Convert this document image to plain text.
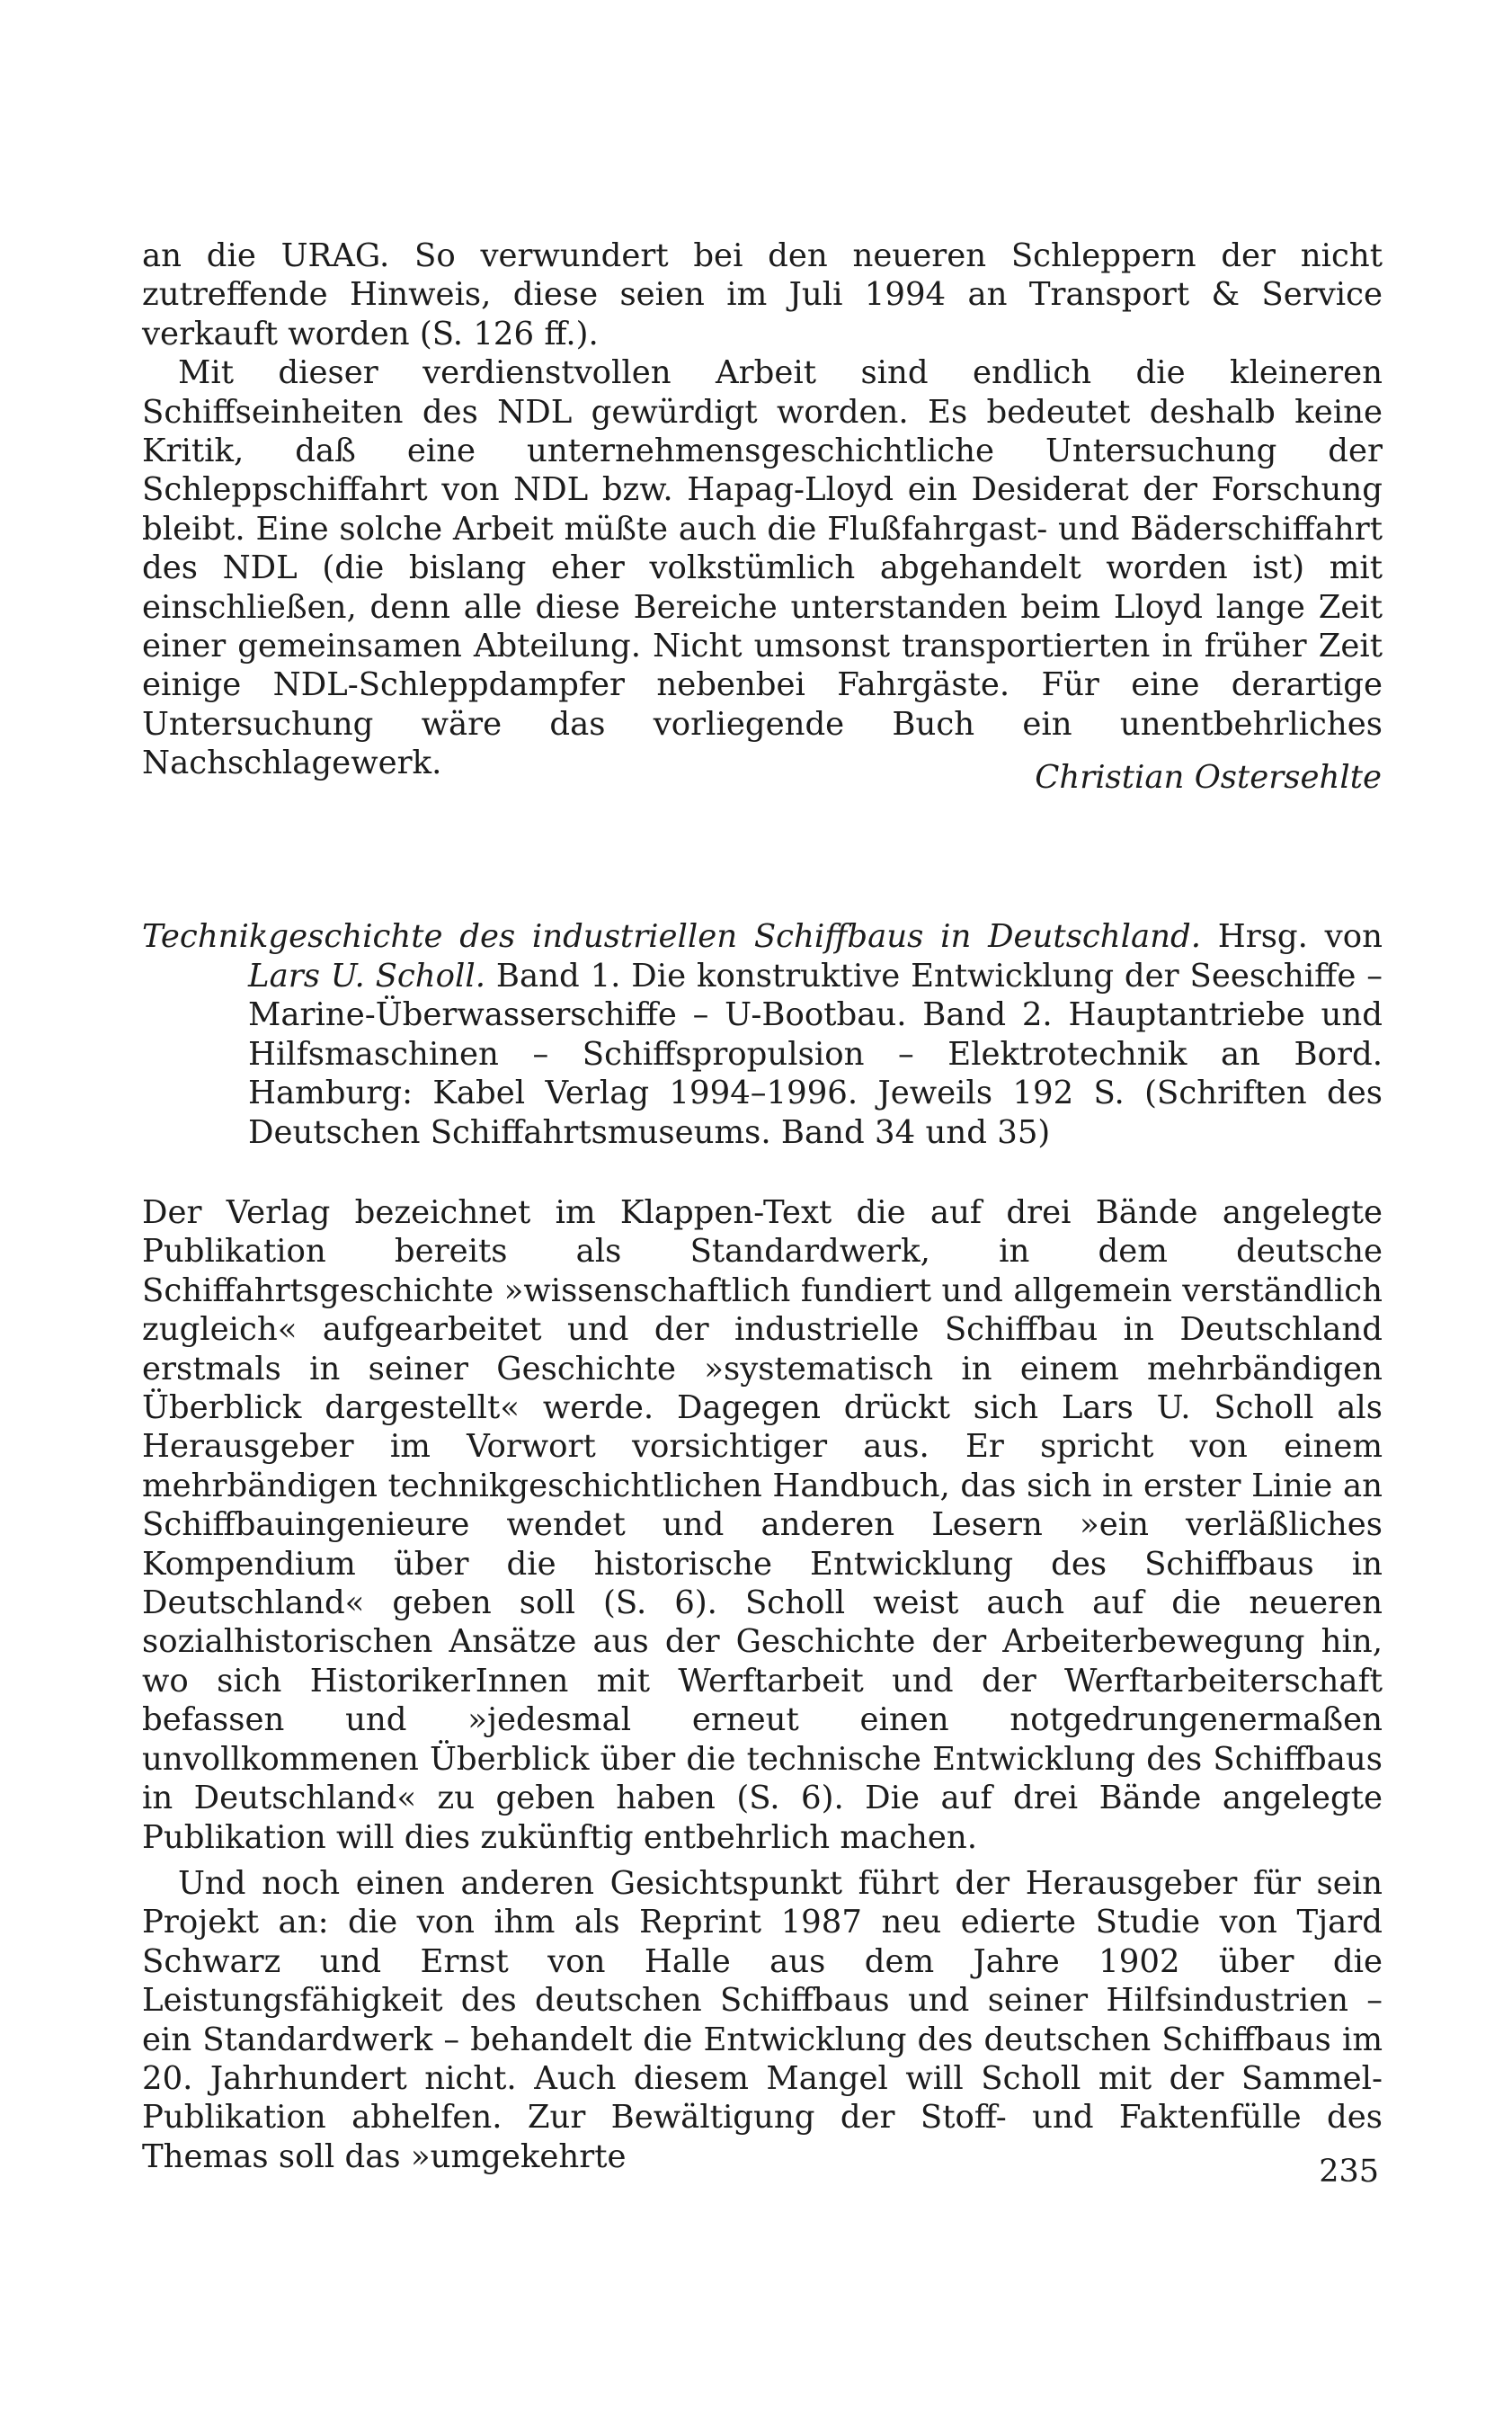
an die URAG. So verwundert bei den neueren Schleppern der nicht zutreffende Hinweis, diese seien im Juli 1994 an Transport & Service verkauft worden (S. 126 ff.).

Mit dieser verdienstvollen Arbeit sind endlich die kleineren Schiffseinheiten des NDL gewürdigt worden. Es bedeutet deshalb keine Kritik, daß eine unternehmensgeschichtliche Untersuchung der Schleppschiffahrt von NDL bzw. Hapag-Lloyd ein Desiderat der Forschung bleibt. Eine solche Arbeit müßte auch die Flußfahrgast- und Bäderschiffahrt des NDL (die bislang eher volkstümlich abgehandelt worden ist) mit einschließen, denn alle diese Bereiche unterstanden beim Lloyd lange Zeit einer gemeinsamen Abteilung. Nicht umsonst transportierten in früher Zeit einige NDL-Schleppdampfer nebenbei Fahrgäste. Für eine derartige Untersuchung wäre das vorliegende Buch ein unentbehrliches Nachschlagewerk.	Christian Ostersehlte

Technikgeschichte des industriellen Schiffbaus in Deutschland. Hrsg. von Lars U. Scholl. Band 1. Die konstruktive Entwicklung der Seeschiffe – Marine-Überwasserschiffe – U-Bootbau. Band 2. Hauptantriebe und Hilfsmaschinen – Schiffspropulsion – Elektrotechnik an Bord. Hamburg: Kabel Verlag 1994–1996. Jeweils 192 S. (Schriften des Deutschen Schiffahrtsmuseums. Band 34 und 35)

Der Verlag bezeichnet im Klappen-Text die auf drei Bände angelegte Publikation bereits als Standardwerk, in dem deutsche Schiffahrtsgeschichte »wissenschaftlich fundiert und allgemein verständlich zugleich« aufgearbeitet und der industrielle Schiffbau in Deutschland erstmals in seiner Geschichte »systematisch in einem mehrbändigen Überblick dargestellt« werde. Dagegen drückt sich Lars U. Scholl als Herausgeber im Vorwort vorsichtiger aus. Er spricht von einem mehrbändigen technikgeschichtlichen Handbuch, das sich in erster Linie an Schiffbauingenieure wendet und anderen Lesern »ein verläßliches Kompendium über die historische Entwicklung des Schiffbaus in Deutschland« geben soll (S. 6). Scholl weist auch auf die neueren sozialhistorischen Ansätze aus der Geschichte der Arbeiterbewegung hin, wo sich HistorikerInnen mit Werftarbeit und der Werftarbeiterschaft befassen und »jedesmal erneut einen notgedrungenermaßen unvollkommenen Überblick über die technische Entwicklung des Schiffbaus in Deutschland« zu geben haben (S. 6). Die auf drei Bände angelegte Publikation will dies zukünftig entbehrlich machen.

Und noch einen anderen Gesichtspunkt führt der Herausgeber für sein Projekt an: die von ihm als Reprint 1987 neu edierte Studie von Tjard Schwarz und Ernst von Halle aus dem Jahre 1902 über die Leistungsfähigkeit des deutschen Schiffbaus und seiner Hilfsindustrien – ein Standardwerk – behandelt die Entwicklung des deutschen Schiffbaus im 20. Jahrhundert nicht. Auch diesem Mangel will Scholl mit der Sammel-Publikation abhelfen. Zur Bewältigung der Stoff- und Faktenfülle des Themas soll das »umgekehrte	235
